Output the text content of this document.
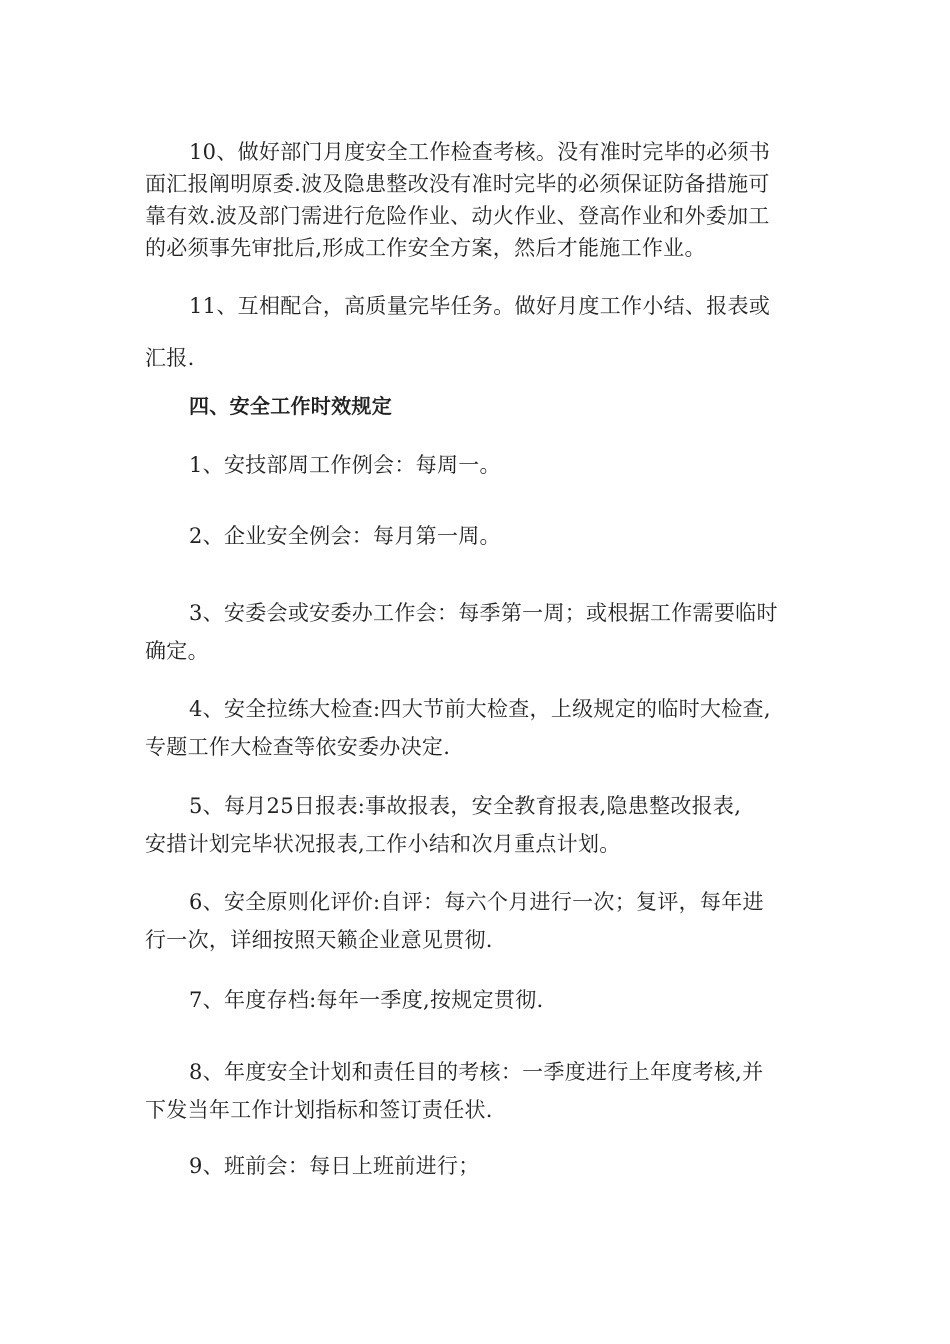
10、做好部门月度安全工作检查考核。没有准时完毕的必须书
面汇报阐明原委.波及隐患整改没有准时完毕的必须保证防备措施可
靠有效.波及部门需进行危险作业、动火作业、登高作业和外委加工
的必须事先审批后,形成工作安全方案，然后才能施工作业。
11、互相配合，高质量完毕任务。做好月度工作小结、报表或
汇报.
四、安全工作时效规定
1、安技部周工作例会：每周一。
2、企业安全例会：每月第一周。
3、安委会或安委办工作会：每季第一周；或根据工作需要临时
确定。
4、安全拉练大检查:四大节前大检查，上级规定的临时大检查,
专题工作大检查等依安委办决定.
5、每月25日报表:事故报表，安全教育报表,隐患整改报表,
安措计划完毕状况报表,工作小结和次月重点计划。
6、安全原则化评价:自评：每六个月进行一次；复评，每年进
行一次，详细按照天籁企业意见贯彻.
7、年度存档:每年一季度,按规定贯彻.
8、年度安全计划和责任目的考核：一季度进行上年度考核,并
下发当年工作计划指标和签订责任状.
9、班前会：每日上班前进行；
